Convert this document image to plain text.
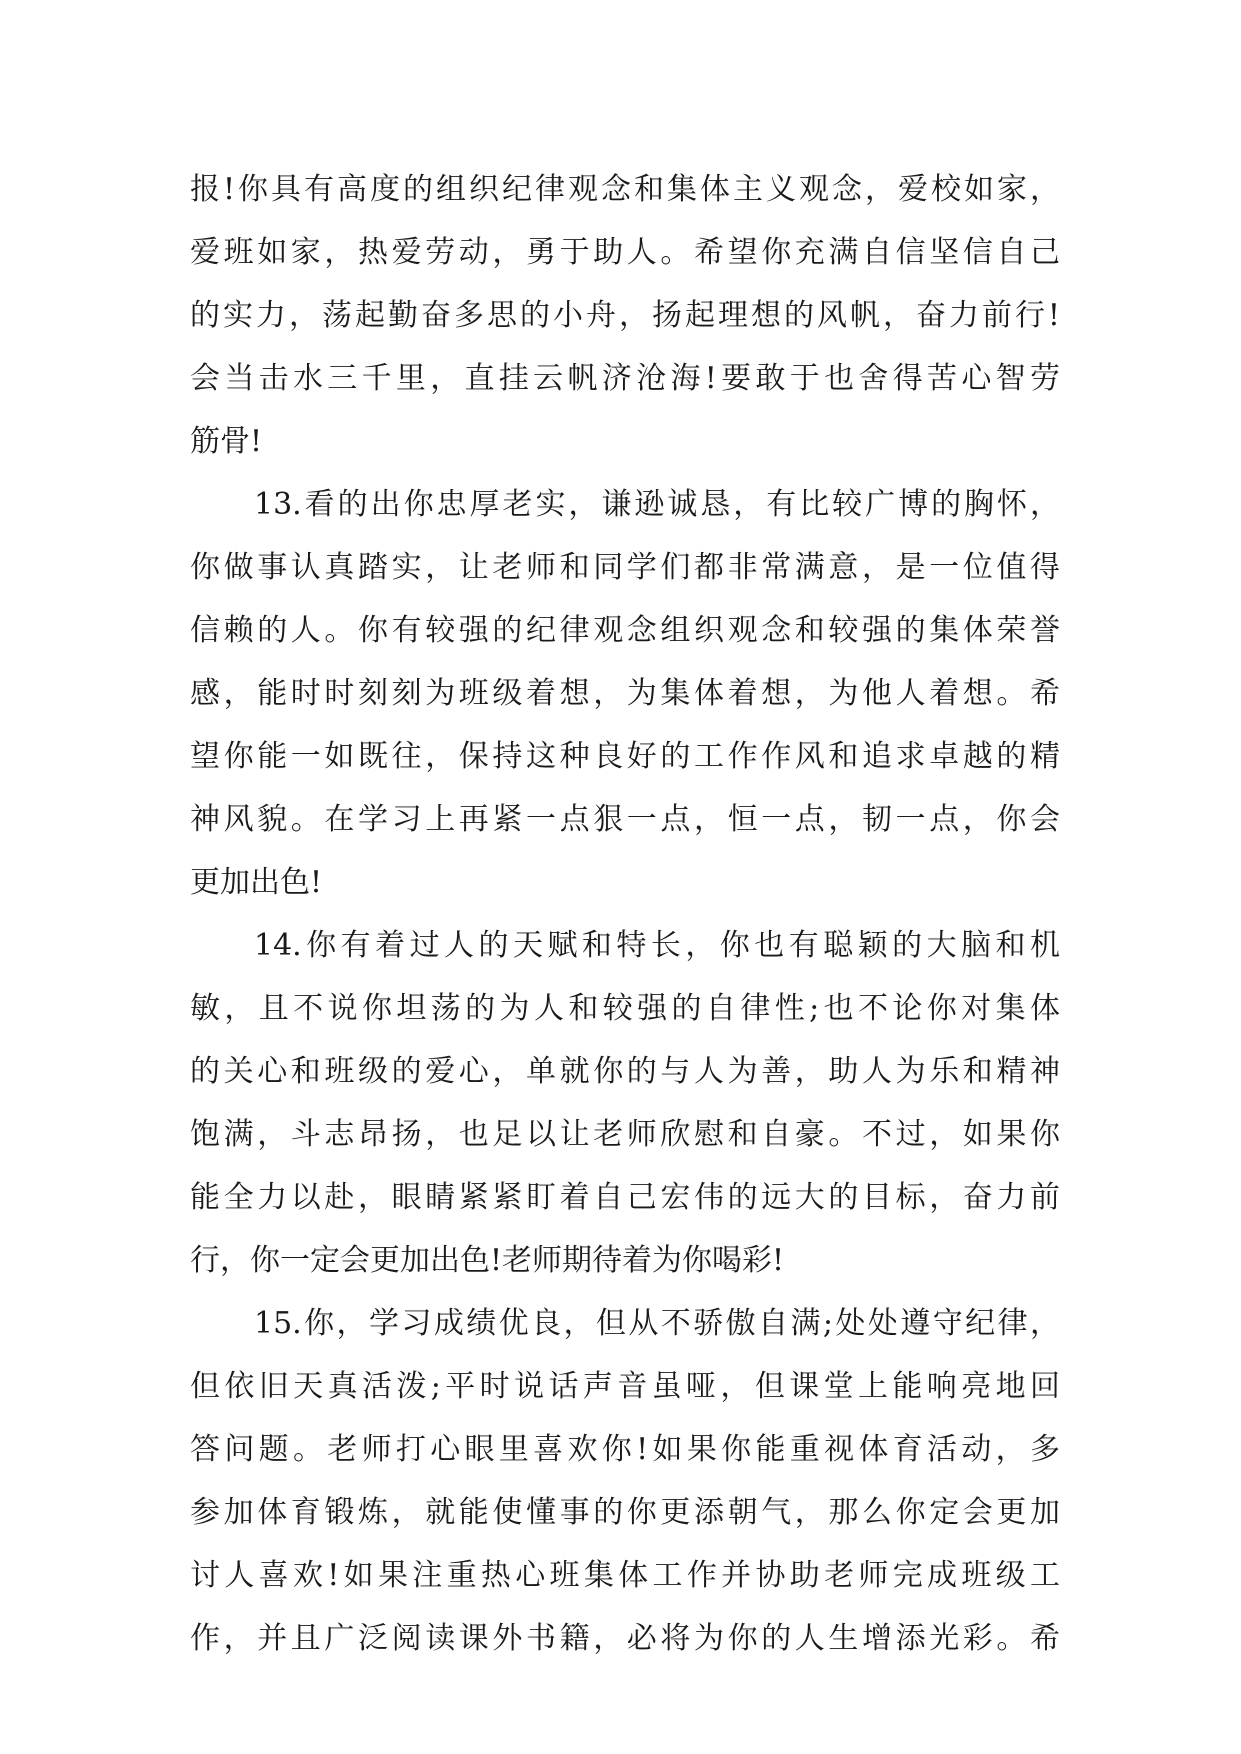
报!你具有高度的组织纪律观念和集体主义观念，爱校如家，
爱班如家，热爱劳动，勇于助人。希望你充满自信坚信自己
的实力，荡起勤奋多思的小舟，扬起理想的风帆，奋力前行!
会当击水三千里，直挂云帆济沧海!要敢于也舍得苦心智劳
筋骨!
13.看的出你忠厚老实，谦逊诚恳，有比较广博的胸怀，
你做事认真踏实，让老师和同学们都非常满意，是一位值得
信赖的人。你有较强的纪律观念组织观念和较强的集体荣誉
感，能时时刻刻为班级着想，为集体着想，为他人着想。希
望你能一如既往，保持这种良好的工作作风和追求卓越的精
神风貌。在学习上再紧一点狠一点，恒一点，韧一点，你会
更加出色!
14.你有着过人的天赋和特长，你也有聪颖的大脑和机
敏，且不说你坦荡的为人和较强的自律性;也不论你对集体
的关心和班级的爱心，单就你的与人为善，助人为乐和精神
饱满，斗志昂扬，也足以让老师欣慰和自豪。不过，如果你
能全力以赴，眼睛紧紧盯着自己宏伟的远大的目标，奋力前
行，你一定会更加出色!老师期待着为你喝彩!
15.你，学习成绩优良，但从不骄傲自满;处处遵守纪律，
但依旧天真活泼;平时说话声音虽哑，但课堂上能响亮地回
答问题。老师打心眼里喜欢你!如果你能重视体育活动，多
参加体育锻炼，就能使懂事的你更添朝气，那么你定会更加
讨人喜欢!如果注重热心班集体工作并协助老师完成班级工
作，并且广泛阅读课外书籍，必将为你的人生增添光彩。希
